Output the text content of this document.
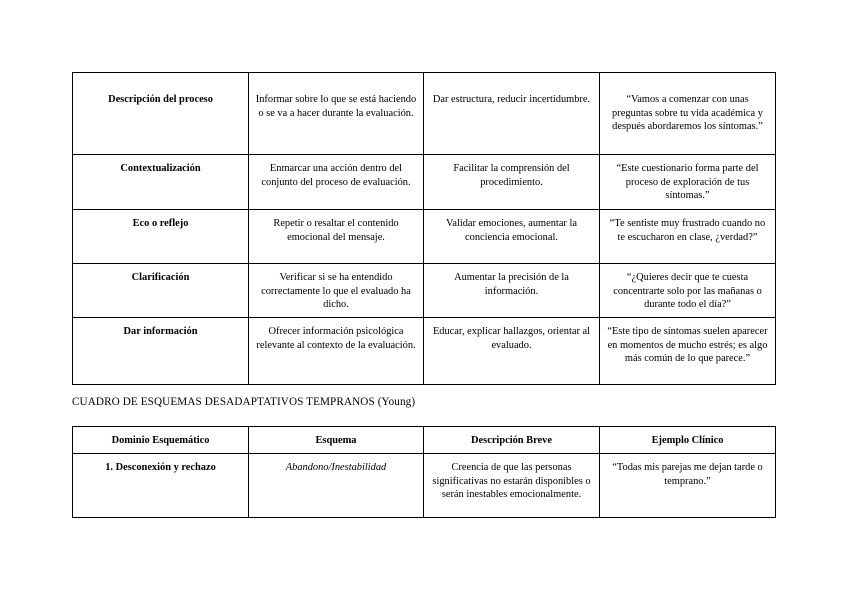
Descripción del proceso	Informar sobre lo que se está haciendo o se va a hacer durante la evaluación.	Dar estructura, reducir incertidumbre.	“Vamos a comenzar con unas preguntas sobre tu vida académica y después abordaremos los síntomas.”
Contextualización	Enmarcar una acción dentro del conjunto del proceso de evaluación.	Facilitar la comprensión del procedimiento.	“Este cuestionario forma parte del proceso de exploración de tus síntomas.”
Eco o reflejo	Repetir o resaltar el contenido emocional del mensaje.	Validar emociones, aumentar la conciencia emocional.	“Te sentiste muy frustrado cuando no te escucharon en clase, ¿verdad?”
Clarificación	Verificar si se ha entendido correctamente lo que el evaluado ha dicho.	Aumentar la precisión de la información.	“¿Quieres decir que te cuesta concentrarte solo por las mañanas o durante todo el día?”
Dar información	Ofrecer información psicológica relevante al contexto de la evaluación.	Educar, explicar hallazgos, orientar al evaluado.	“Este tipo de síntomas suelen aparecer en momentos de mucho estrés; es algo más común de lo que parece.”
CUADRO DE ESQUEMAS DESADAPTATIVOS TEMPRANOS (Young)
Dominio Esquemático	Esquema	Descripción Breve	Ejemplo Clínico
1. Desconexión y rechazo	Abandono/Inestabilidad	Creencia de que las personas significativas no estarán disponibles o serán inestables emocionalmente.	“Todas mis parejas me dejan tarde o temprano.”
